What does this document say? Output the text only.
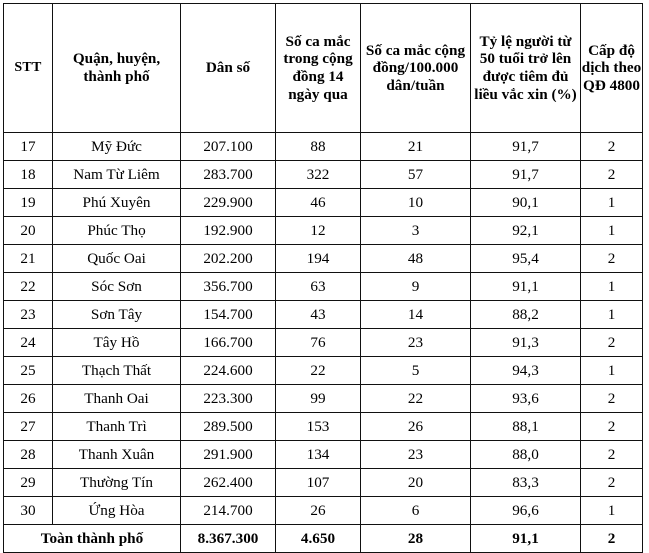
STT	Quận, huyện, thành phố	Dân số	Số ca mắc trong cộng đồng 14 ngày qua	Số ca mắc cộng đồng/100.000 dân/tuần	Tỷ lệ người từ 50 tuổi trở lên được tiêm đủ liều vắc xin (%)	Cấp độ dịch theo QĐ 4800
17	Mỹ Đức	207.100	88	21	91,7	2
18	Nam Từ Liêm	283.700	322	57	91,7	2
19	Phú Xuyên	229.900	46	10	90,1	1
20	Phúc Thọ	192.900	12	3	92,1	1
21	Quốc Oai	202.200	194	48	95,4	2
22	Sóc Sơn	356.700	63	9	91,1	1
23	Sơn Tây	154.700	43	14	88,2	1
24	Tây Hồ	166.700	76	23	91,3	2
25	Thạch Thất	224.600	22	5	94,3	1
26	Thanh Oai	223.300	99	22	93,6	2
27	Thanh Trì	289.500	153	26	88,1	2
28	Thanh Xuân	291.900	134	23	88,0	2
29	Thường Tín	262.400	107	20	83,3	2
30	Ứng Hòa	214.700	26	6	96,6	1
Toàn thành phố		8.367.300	4.650	28	91,1	2
